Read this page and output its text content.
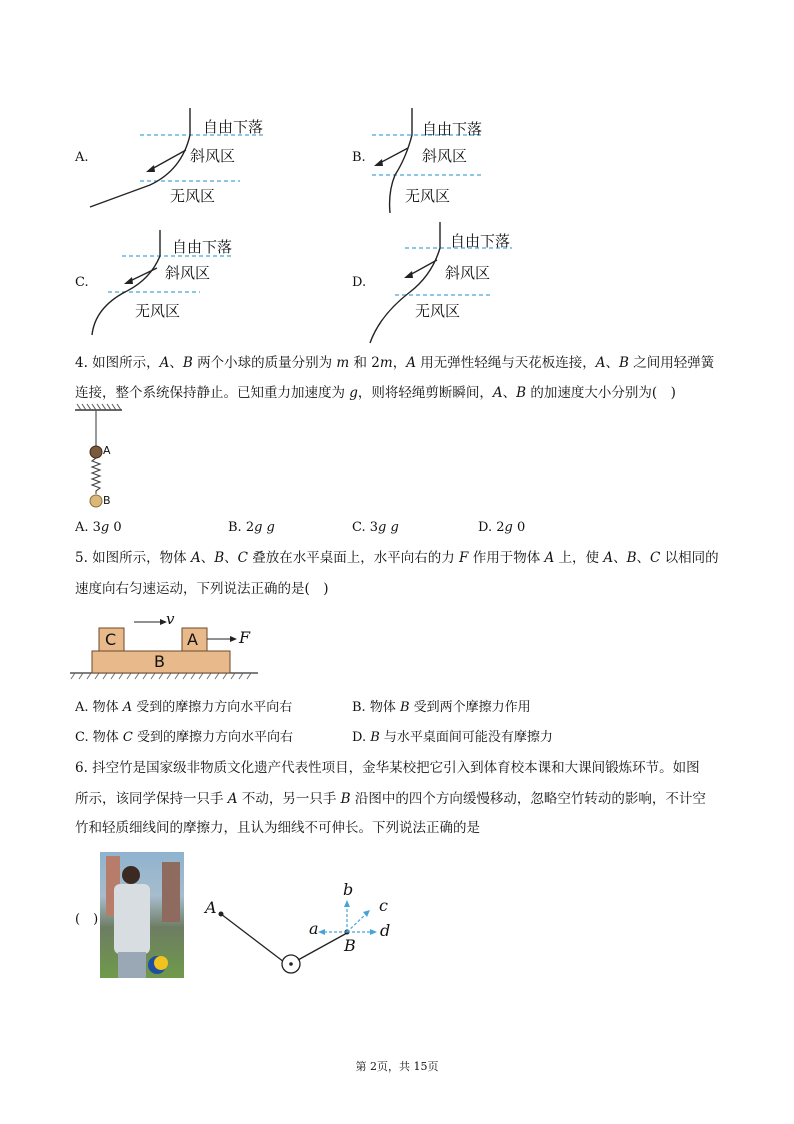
A.
自由下落
斜风区
无风区
B.
自由下落
斜风区
无风区
C.
自由下落
斜风区
无风区
D.
自由下落
斜风区
无风区
4. 如图所示，𝐴、𝐵 两个小球的质量分别为 𝑚 和 2𝑚，𝐴 用无弹性轻绳与天花板连接，𝐴、𝐵 之间用轻弹簧
连接，整个系统保持静止。已知重力加速度为 𝑔，则将轻绳剪断瞬间，𝐴、𝐵 的加速度大小分别为(　)
A
B
A. 3𝑔 0	B. 2𝑔 𝑔	C. 3𝑔 𝑔	D. 2𝑔 0
5. 如图所示，物体 𝐴、𝐵、𝐶 叠放在水平桌面上，水平向右的力 𝐹 作用于物体 𝐴 上，使 𝐴、𝐵、𝐶 以相同的
速度向右匀速运动，下列说法正确的是(　)
C	A
B
v
F
A. 物体 𝐴 受到的摩擦力方向水平向右	B. 物体 𝐵 受到两个摩擦力作用
C. 物体 𝐶 受到的摩擦力方向水平向右	D. 𝐵 与水平桌面间可能没有摩擦力
6. 抖空竹是国家级非物质文化遗产代表性项目，金华某校把它引入到体育校本课和大课间锻炼环节。如图
所示，该同学保持一只手 𝐴 不动，另一只手 𝐵 沿图中的四个方向缓慢移动，忽略空竹转动的影响，不计空
竹和轻质细线间的摩擦力，且认为细线不可伸长。下列说法正确的是
(　)
A
B
b
a
c
d
第 2页，共 15页
